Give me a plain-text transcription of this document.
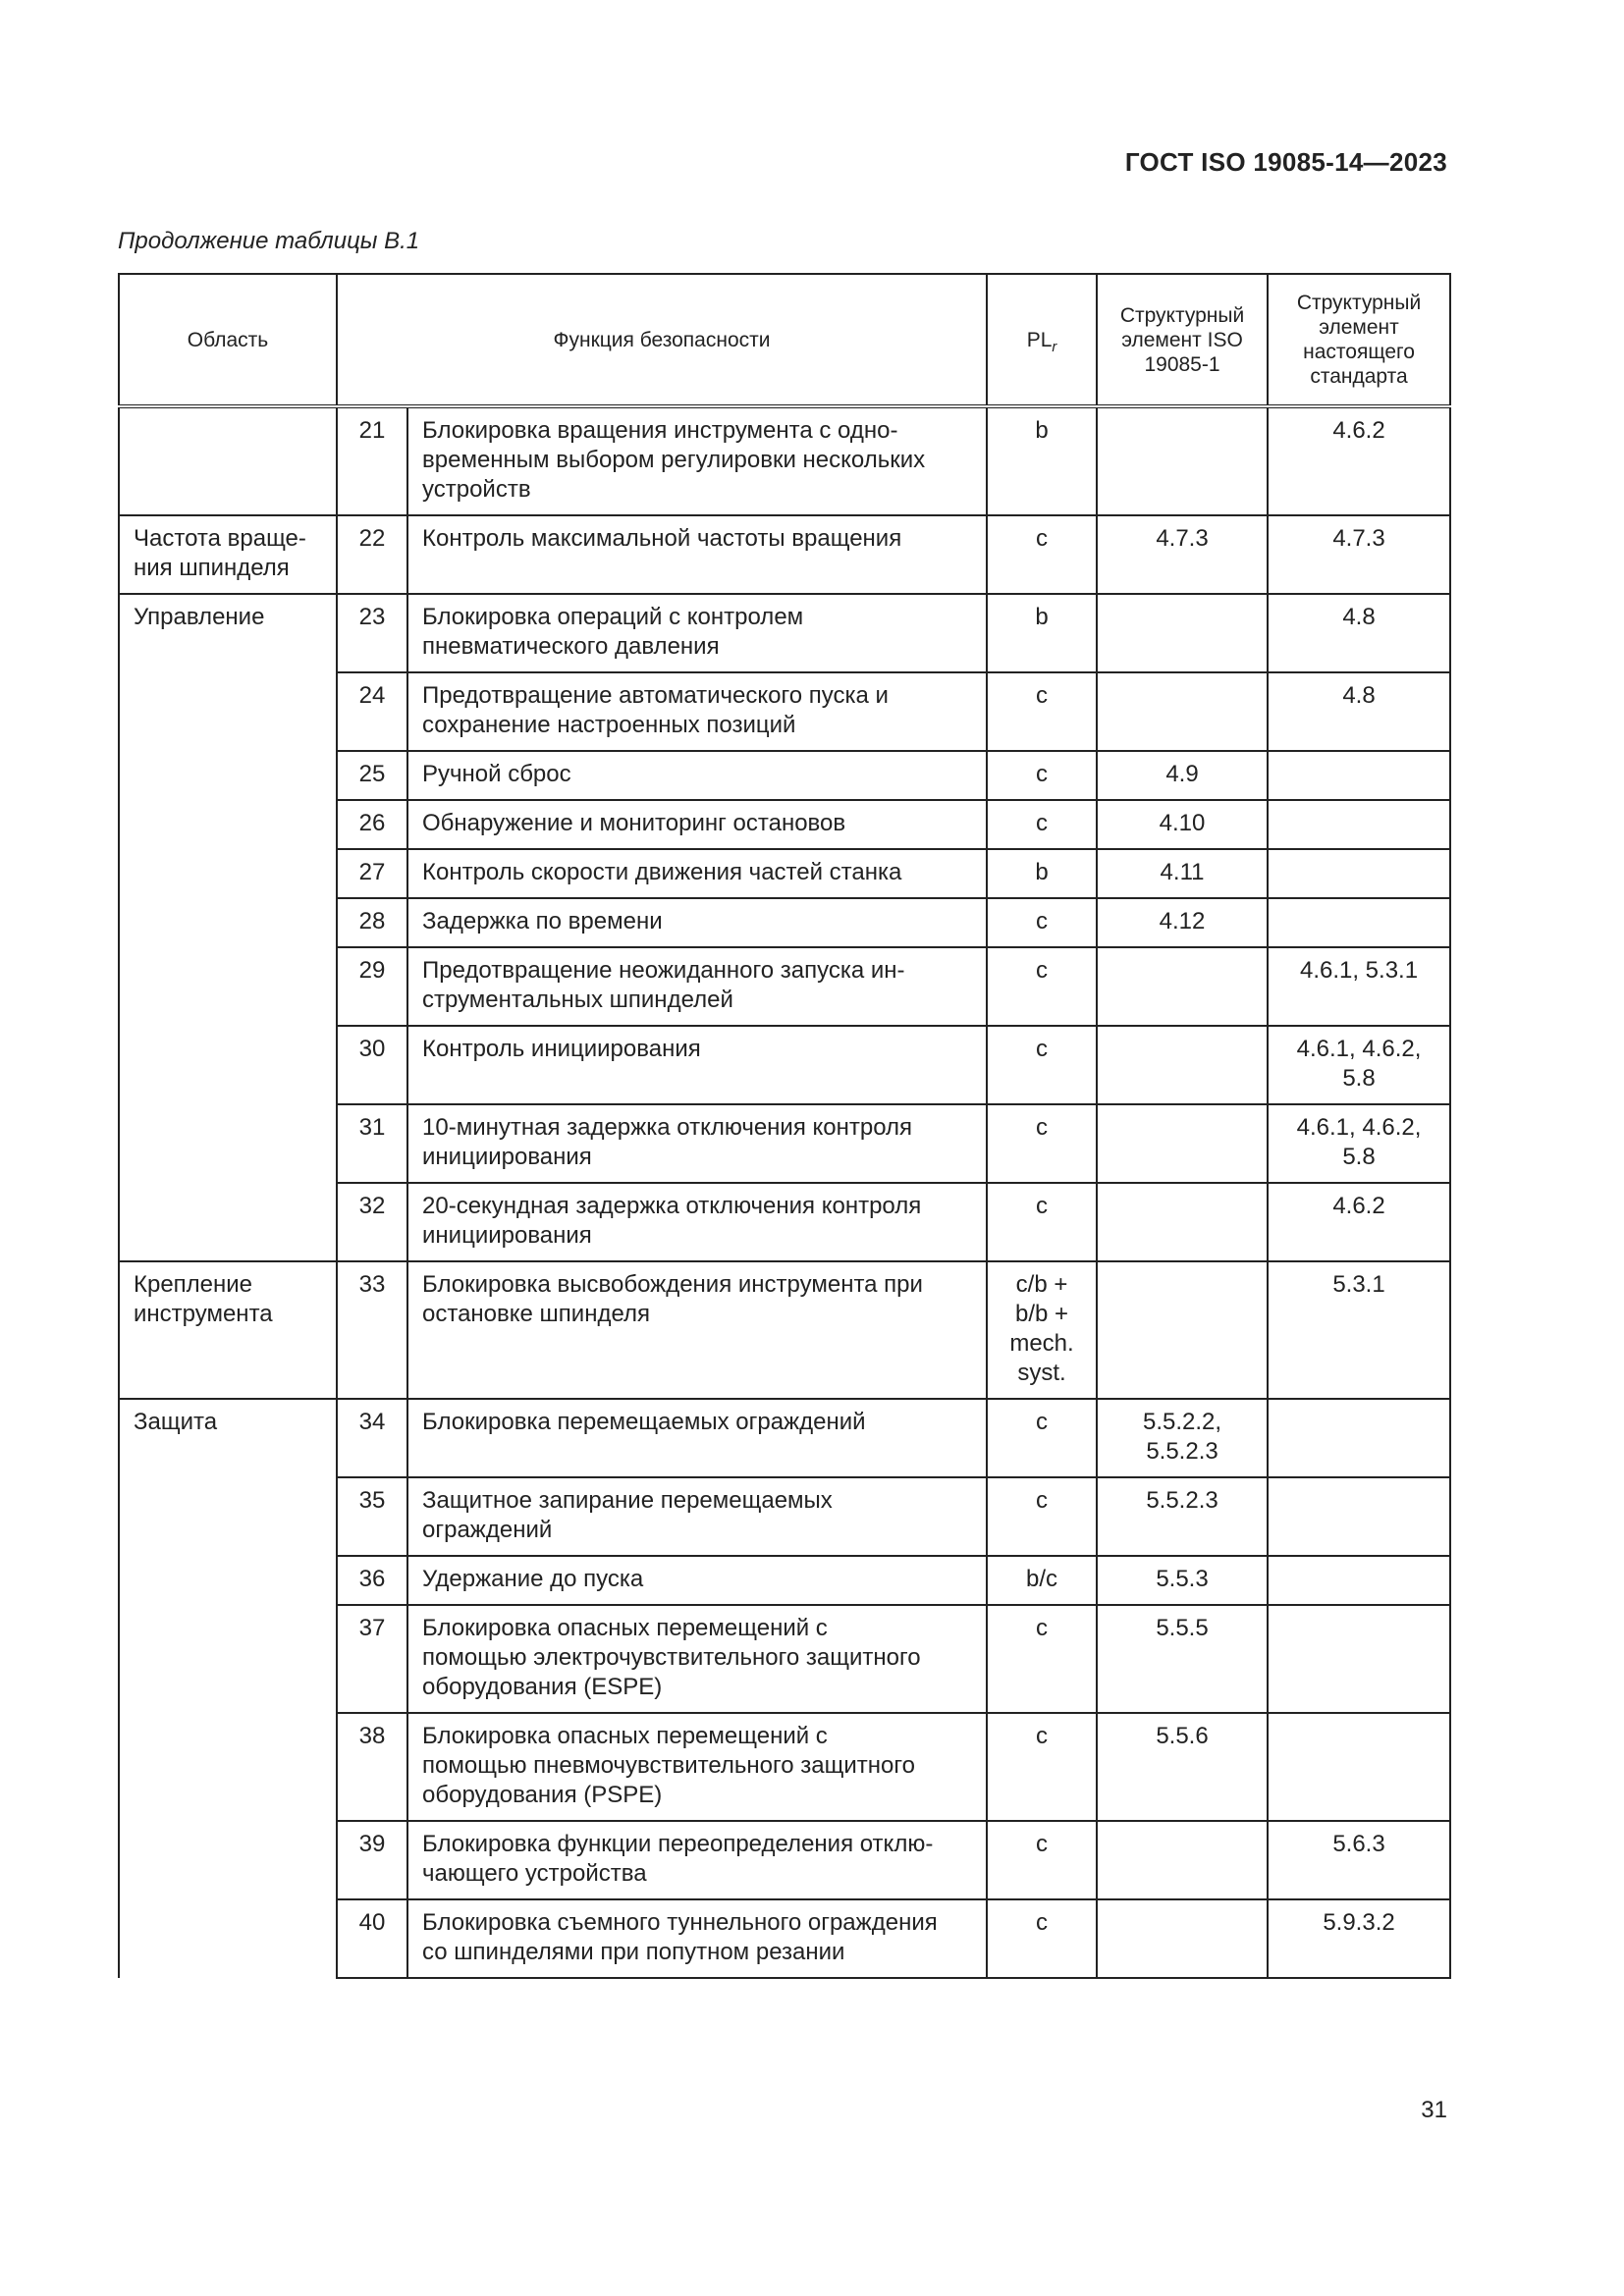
ГОСТ ISO 19085-14—2023
Продолжение таблицы В.1
Область	Функция безопасности		$PL_r$	Структурный
элемент ISO
19085-1	Структурный
элемент
настоящего
стандарта
	21	Блокировка вращения инструмента с одно-
временным выбором регулировки нескольких
устройств	b		4.6.2
Частота враще-
ния шпинделя	22	Контроль максимальной частоты вращения	c	4.7.3	4.7.3
Управление	23	Блокировка операций с контролем
пневматического давления	b		4.8
	24	Предотвращение автоматического пуска и
сохранение настроенных позиций	c		4.8
	25	Ручной сброс	c	4.9	
	26	Обнаружение и мониторинг остановов	c	4.10	
	27	Контроль скорости движения частей станка	b	4.11	
	28	Задержка по времени	c	4.12	
	29	Предотвращение неожиданного запуска ин-
струментальных шпинделей	c		4.6.1, 5.3.1
	30	Контроль инициирования	c		4.6.1, 4.6.2,
5.8
	31	10-минутная задержка отключения контроля
инициирования	c		4.6.1, 4.6.2,
5.8
	32	20-секундная задержка отключения контроля
инициирования	c		4.6.2
Крепление
инструмента	33	Блокировка высвобождения инструмента при
остановке шпинделя	c/b +
b/b +
mech.
syst.		5.3.1
Защита	34	Блокировка перемещаемых ограждений	c	5.5.2.2,
5.5.2.3	
	35	Защитное запирание перемещаемых
ограждений	c	5.5.2.3	
	36	Удержание до пуска	b/c	5.5.3	
	37	Блокировка опасных перемещений с
помощью электрочувствительного защитного
оборудования (ESPE)	c	5.5.5	
	38	Блокировка опасных перемещений с
помощью пневмочувствительного защитного
оборудования (PSPE)	c	5.5.6	
	39	Блокировка функции переопределения отклю-
чающего устройства	c		5.6.3
	40	Блокировка съемного туннельного ограждения
со шпинделями при попутном резании	c		5.9.3.2
31
